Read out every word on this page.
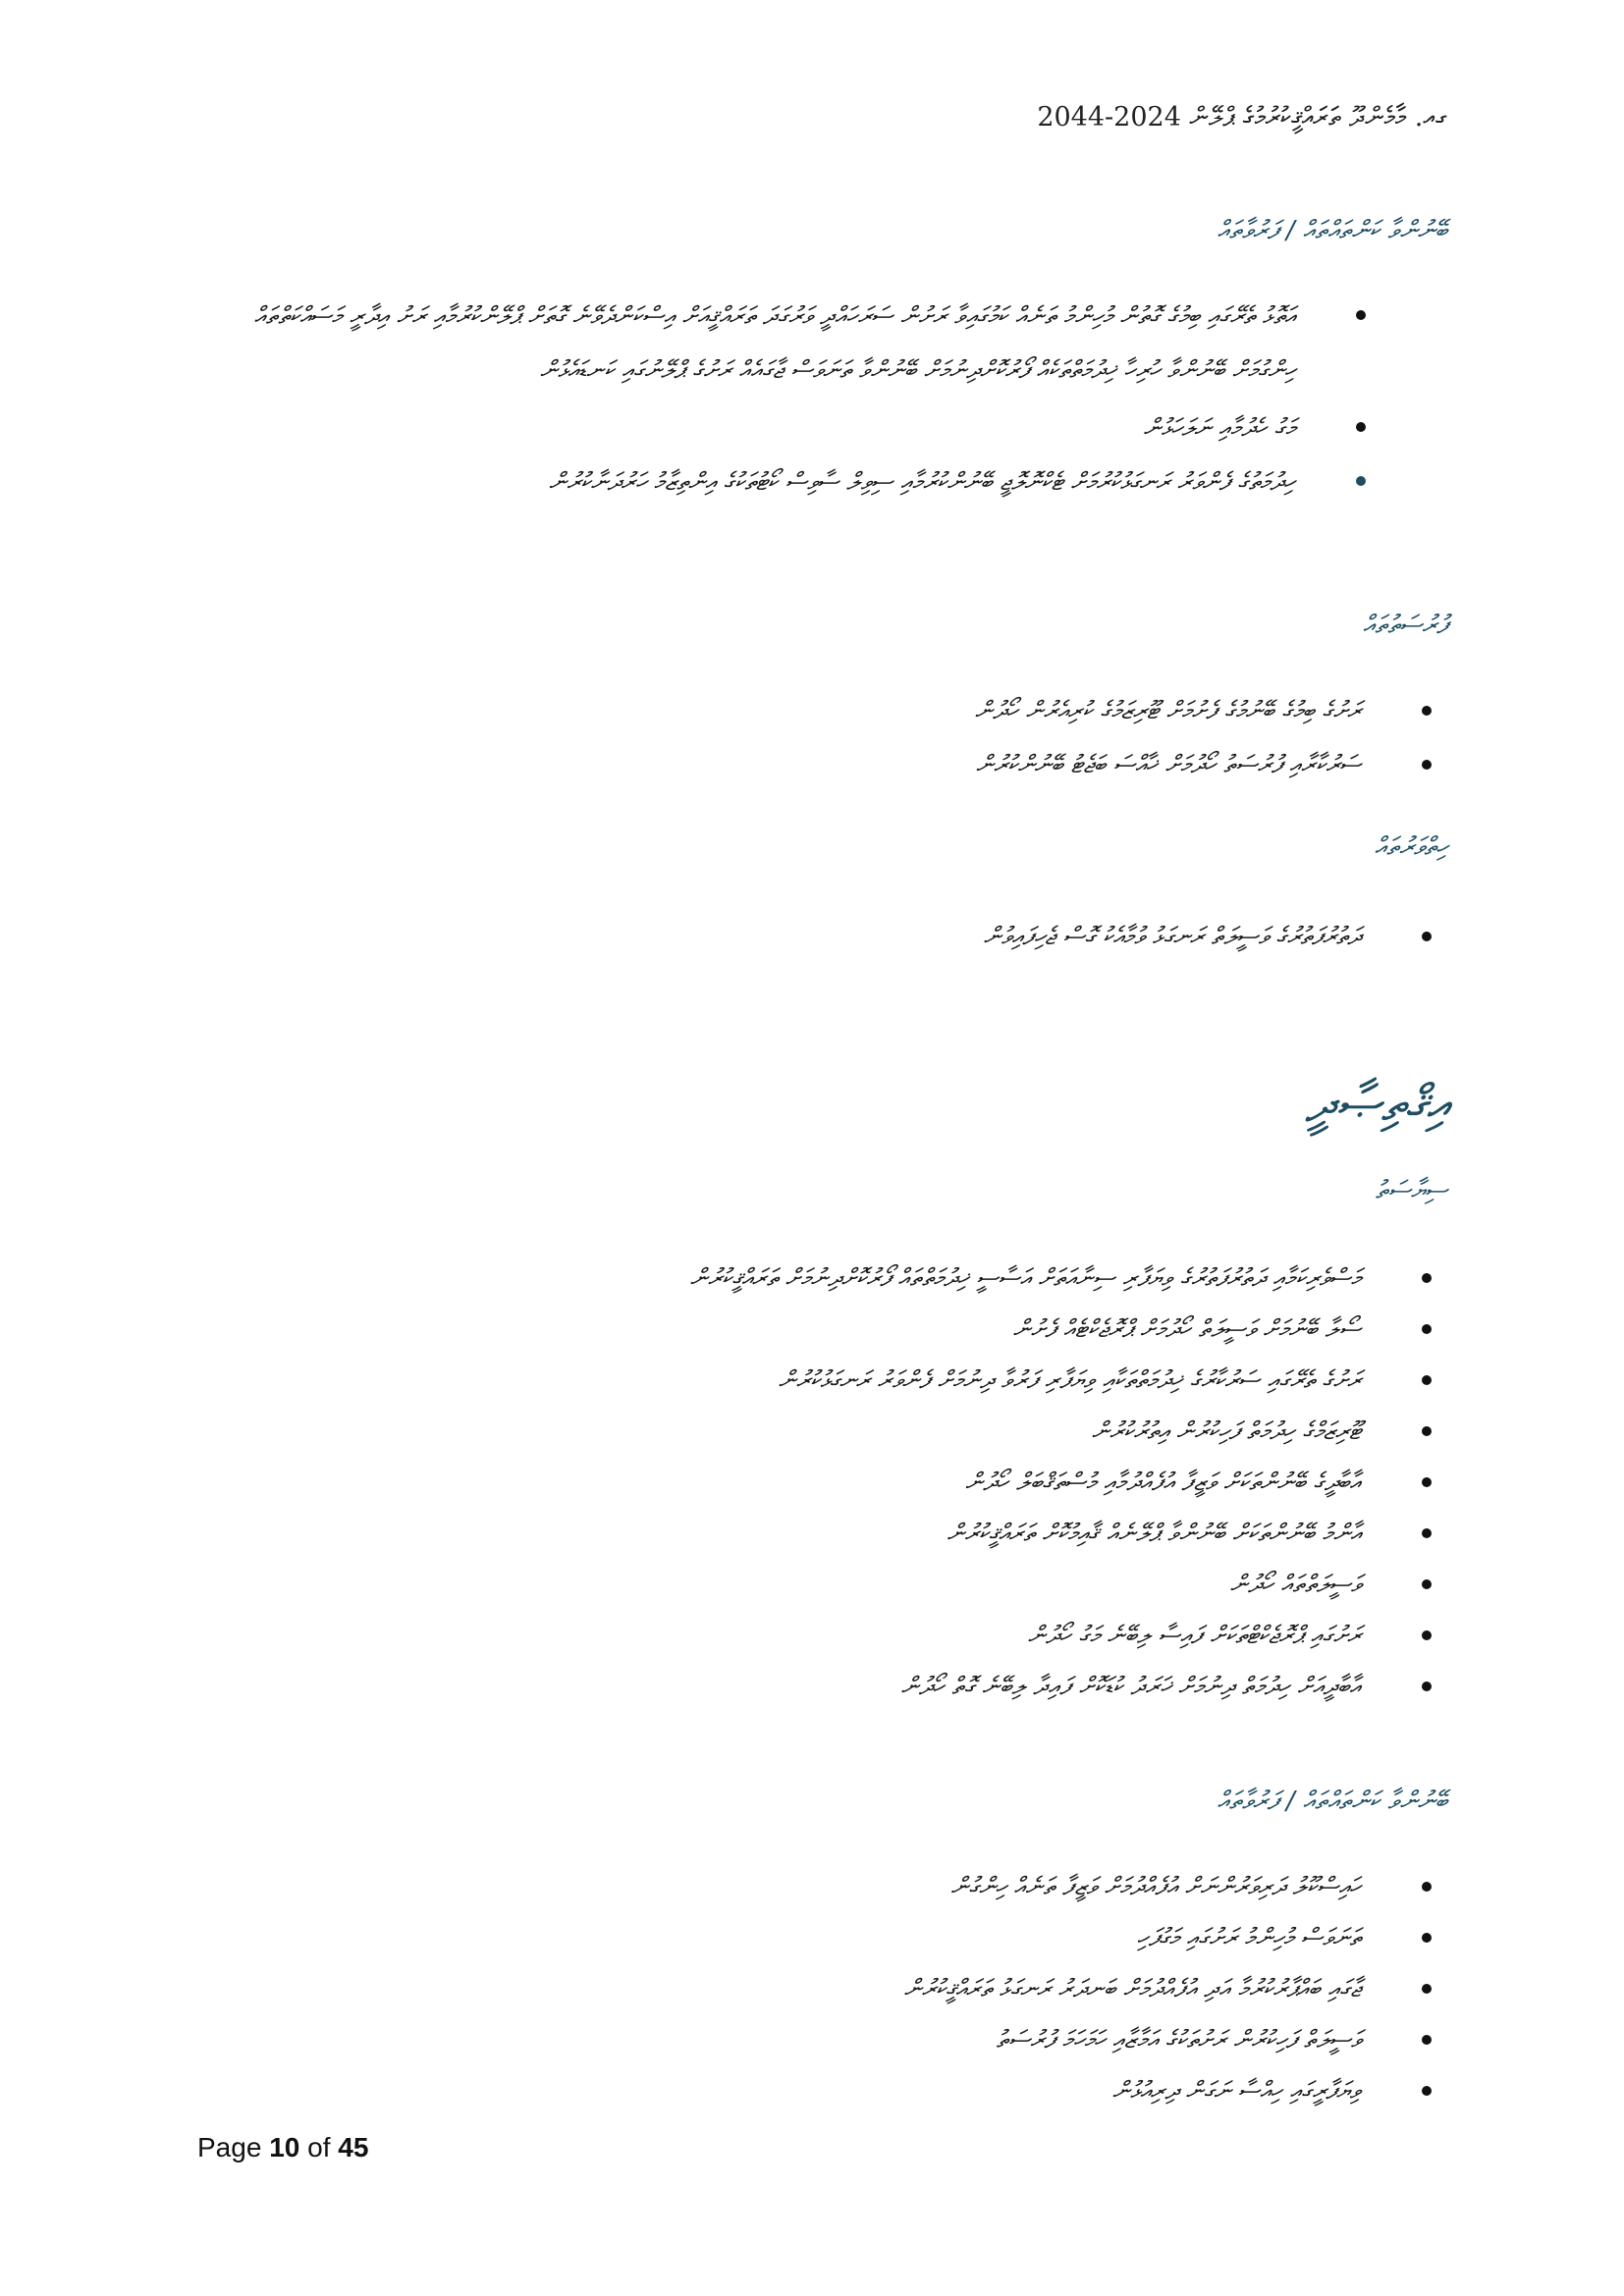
ގއ. މާމެންދޫ ތަރައްޤީކުރުމުގެ ޕްލޭން 2024-2044
ބޭނުންވާ ކަންތައްތައް / ފަރުވާތައް
އަތޮޅު ތެރޭގައި ބިމުގެ ގޮތުން މުހިންމު ތަނެއް ކަމުގައިވާ ރަށުން ސަރަހައްދީ ވަރުގަދަ ތަރައްޤީއަށް އިސްކަންދެވޭނެ ގޮތަށް ޕްލޭންކުރުމާއި ރަށު އިދާރީ މަސައްކަތްތައް ހިންގުމަށް ބޭނުންވާ ހުރިހާ ޚިދުމަތްތަކެއް ފޯރުކޮށްދިނުމަށް ބޭނުންވާ ތަނަވަސް ޖާގައެއް ރަށުގެ ޕްލޭނުގައި ކަނޑައެޅުން
މަގު ހެދުމާއި ނަލަހަޅުން
ހިދުމަތުގެ ފެންވަރު ރަނގަޅުކުރުމަށް ޓެކްނޮލޮޖީ ބޭނުންކުރުމާއި ސިވިލް ސާވިސް ކޯޓުތަކުގެ އިންތިޒާމު ހަރުދަނާކުރުން
ފުރުސަތުތައް
ރަށުގެ ބިމުގެ ބޭނުމުގެ ފެށުމަށް ޓޫރިޒަމުގެ ކުރިއެރުން ހޯދުން
ސަރުކާރާއި ފުރުސަތު ހޯދުމަށް ޚާއްސަ ބަޖެޓު ބޭނުންކުރުން
ހިތްވަރުތައް
ދަތުރުފަތުރުގެ ވަސީލަތް ރަނގަޅު ވުމާއެކު ގޮސް ޖެހިފައިވުން
އިޤްތިޞާދީ
ސިޔާސަތު
މަސްވެރިކަމާއި ދަތުރުފަތުރުގެ ވިޔަފާރި ސިނާއަތަށް އަސާސީ ޚިދުމަތްތައް ފޯރުކޮށްދިނުމަށް ތަރައްޤީކުރުން
ސޯލާ ބޭނުމަށް ވަސީލަތް ހޯދުމަށް ޕްރޮޖެކްޓެއް ފެށުން
ރަށުގެ ތެރޭގައި ސަރުކާރުގެ ޚިދުމަތްތަކާއި ވިޔަފާރި ފަރުވާ ދިނުމަށް ފެންވަރު ރަނގަޅުކުރުން
ޓޫރިޒަމްގެ ހިދުމަތް ފަހިކުރުން އިތުރުކުރުން
އާބާދީގެ ބޭނުންތަކަށް ވަޒީފާ އުފެއްދުމާއި މުސްތަޤްބަލް ހޯދުން
އާންމު ބޭނުންތަކަށް ބޭނުންވާ ޕްލޭނެއް ޤާއިމުކޮށް ތަރައްޤީކުރުން
ވަސީލަތްތައް ހޯދުން
ރަށުގައި ޕްރޮޖެކްޓްތަކަށް ފައިސާ ލިބޭނެ މަގު ހޯދުން
އާބާދީއަށް ހިދުމަތް ދިނުމަށް ޚަރަދު ކުޑަކޮށް ފައިދާ ލިބޭނެ ގޮތް ހޯދުން
ބޭނުންވާ ކަންތައްތައް / ފަރުވާތައް
ހައިސްކޫލު ދަރިވަރުންނަށް އުފެއްދުމަށް ވަޒީފާ ތަނެއް ހިންގުން
ތަނަވަސް މުހިންމު ރަށުގައި މަގުފަހި
ޖާގައި ބައްޕާރުކުރުމާ އަދި އުފެއްދުމަށް ބަނދަރު ރަނގަޅު ތަރައްޤީކުރުން
ވަސީލަތް ފަހިކުރުން ރަށުތަކުގެ އަމާޒާއި ހަމަހަމަ ފުރުސަތު
ވިޔަފާރީގައި ހިއްސާ ނަގަން ދިރިއުޅުން
Page 10 of 45
